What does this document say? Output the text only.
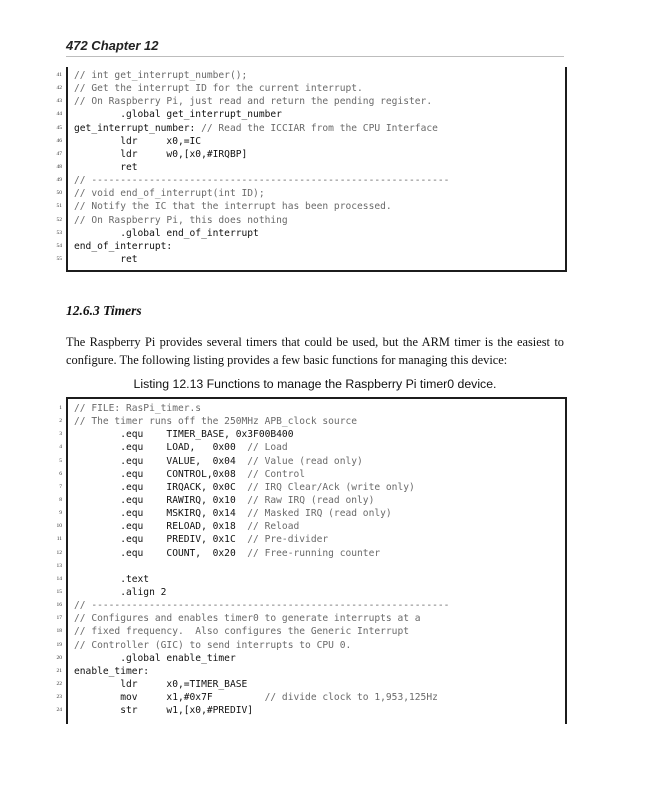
472 Chapter 12
41 // int get_interrupt_number();
42 // Get the interrupt ID for the current interrupt.
43 // On Raspberry Pi, just read and return the pending register.
44 .global get_interrupt_number
45 get_interrupt_number: // Read the ICCIAR from the CPU Interface
46 ldr     x0,=IC
47 ldr     w0,[x0,#IRQBP]
48 ret
49 // --------------------------------------------------------------
50 // void end_of_interrupt(int ID);
51 // Notify the IC that the interrupt has been processed.
52 // On Raspberry Pi, this does nothing
53 .global end_of_interrupt
54 end_of_interrupt:
55 ret
12.6.3 Timers
The Raspberry Pi provides several timers that could be used, but the ARM timer is the easiest to configure. The following listing provides a few basic functions for managing this device:
Listing 12.13 Functions to manage the Raspberry Pi timer0 device.
1 // FILE: RasPi_timer.s
2 // The timer runs off the 250MHz APB_clock source
3 .equ    TIMER_BASE, 0x3F00B400
4 .equ    LOAD,   0x00  // Load
5 .equ    VALUE,  0x04  // Value (read only)
6 .equ    CONTROL,0x08  // Control
7 .equ    IRQACK, 0x0C  // IRQ Clear/Ack (write only)
8 .equ    RAWIRQ, 0x10  // Raw IRQ (read only)
9 .equ    MSKIRQ, 0x14  // Masked IRQ (read only)
10 .equ    RELOAD, 0x18  // Reload
11 .equ    PREDIV, 0x1C  // Pre-divider
12 .equ    COUNT,  0x20  // Free-running counter
13
14 .text
15 .align 2
16 // --------------------------------------------------------------
17 // Configures and enables timer0 to generate interrupts at a
18 // fixed frequency.  Also configures the Generic Interrupt
19 // Controller (GIC) to send interrupts to CPU 0.
20 .global enable_timer
21 enable_timer:
22 ldr     x0,=TIMER_BASE
23 mov     x1,#0x7F         // divide clock to 1,953,125Hz
24 str     w1,[x0,#PREDIV]
